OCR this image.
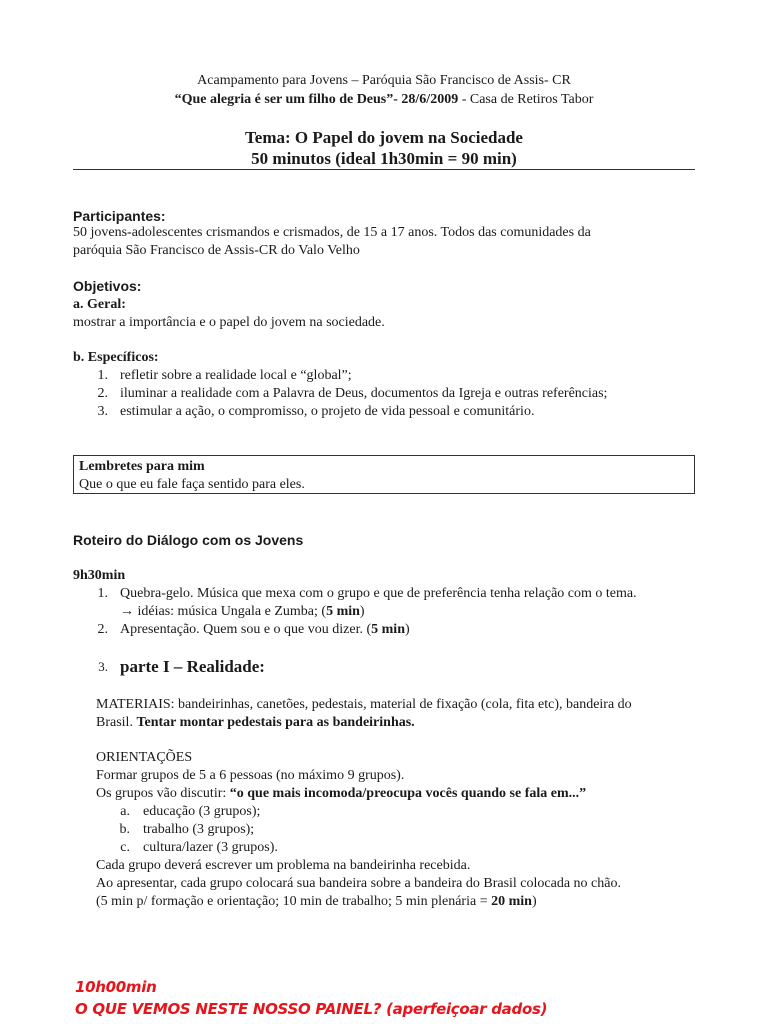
Acampamento para Jovens – Paróquia São Francisco de Assis- CR
“Que alegria é ser um filho de Deus”- 28/6/2009 - Casa de Retiros Tabor
Tema: O Papel do jovem na Sociedade
50 minutos (ideal 1h30min = 90 min)
Participantes:
50 jovens-adolescentes crismandos e crismados, de 15 a 17 anos. Todos das comunidades da
paróquia São Francisco de Assis-CR do Valo Velho
Objetivos:
a. Geral:
mostrar a importância e o papel do jovem na sociedade.
b. Específicos:
1. refletir sobre a realidade local e “global”;
2. iluminar a realidade com a Palavra de Deus, documentos da Igreja e outras referências;
3. estimular a ação, o compromisso, o projeto de vida pessoal e comunitário.
Lembretes para mim
Que o que eu fale faça sentido para eles.
Roteiro do Diálogo com os Jovens
9h30min
1. Quebra-gelo. Música que mexa com o grupo e que de preferência tenha relação com o tema.
→ idéias: música Ungala e Zumba; (5 min)
2. Apresentação. Quem sou e o que vou dizer. (5 min)
3. parte I – Realidade:
MATERIAIS: bandeirinhas, canetões, pedestais, material de fixação (cola, fita etc), bandeira do
Brasil. Tentar montar pedestais para as bandeirinhas.
ORIENTAÇÕES
Formar grupos de 5 a 6 pessoas (no máximo 9 grupos).
Os grupos vão discutir: “o que mais incomoda/preocupa vocês quando se fala em...”
a. educação (3 grupos);
b. trabalho (3 grupos);
c. cultura/lazer (3 grupos).
Cada grupo deverá escrever um problema na bandeirinha recebida.
Ao apresentar, cada grupo colocará sua bandeira sobre a bandeira do Brasil colocada no chão.
(5 min p/ formação e orientação; 10 min de trabalho; 5 min plenária = 20 min)
10h00min
O QUE VEMOS NESTE NOSSO PAINEL? (aperfeiçoar dados)
